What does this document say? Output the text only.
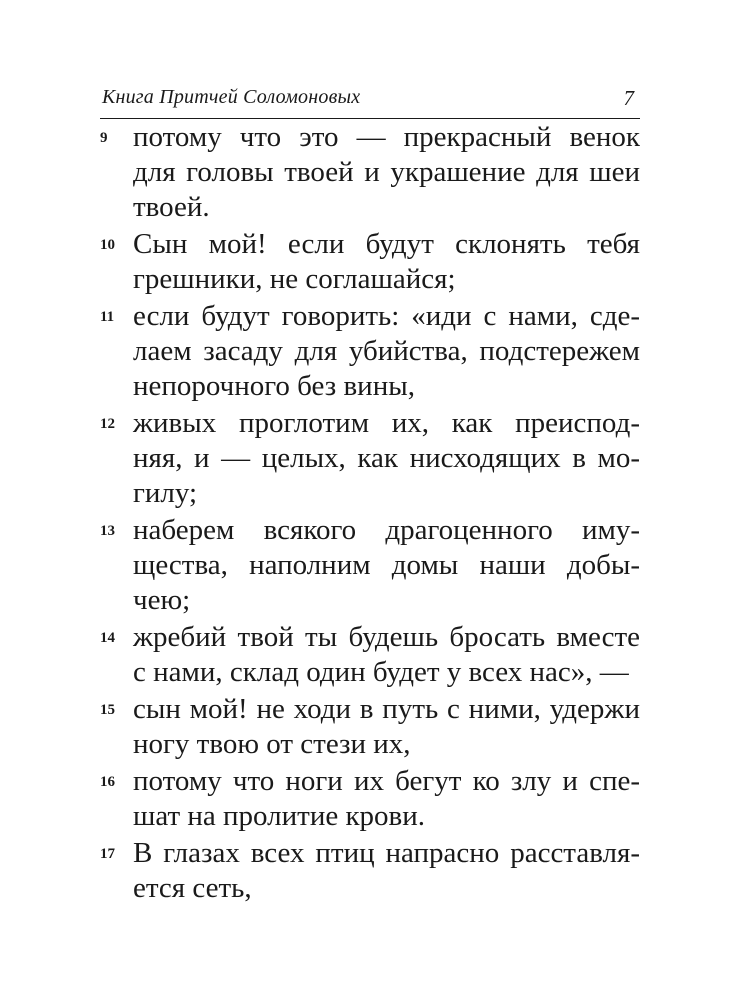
Книга Притчей Соломоновых	7
9 потому что это — прекрасный венок
для головы твоей и украшение для шеи
твоей.
10 Сын мой! если будут склонять тебя
грешники, не соглашайся;
11 если будут говорить: «иди с нами, сде-
лаем засаду для убийства, подстережем
непорочного без вины,
12 живых проглотим их, как преиспод-
няя, и — целых, как нисходящих в мо-
гилу;
13 наберем всякого драгоценного иму-
щества, наполним домы наши добы-
чею;
14 жребий твой ты будешь бросать вместе
с нами, склад один будет у всех нас», —
15 сын мой! не ходи в путь с ними, удержи
ногу твою от стези их,
16 потому что ноги их бегут ко злу и спе-
шат на пролитие крови.
17 В глазах всех птиц напрасно расставля-
ется сеть,
